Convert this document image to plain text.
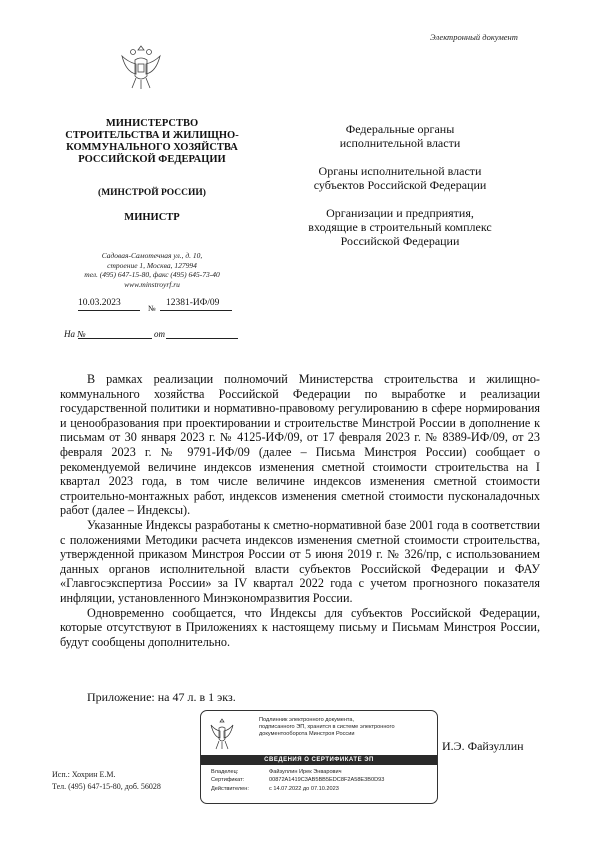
Электронный документ
МИНИСТЕРСТВО
СТРОИТЕЛЬСТВА И ЖИЛИЩНО-
КОММУНАЛЬНОГО ХОЗЯЙСТВА
РОССИЙСКОЙ ФЕДЕРАЦИИ
(МИНСТРОЙ РОССИИ)
МИНИСТР
Садовая-Самотечная ул., д. 10,
строение 1, Москва, 127994
тел. (495) 647-15-80, факс (495) 645-73-40
www.minstroyrf.ru
10.03.2023
№
12381-ИФ/09
На №	от
Федеральные органы
исполнительной власти
Органы исполнительной власти
субъектов Российской Федерации
Организации и предприятия,
входящие в строительный комплекс
Российской Федерации

В рамках реализации полномочий Министерства строительства и жилищно-коммунального хозяйства Российской Федерации по выработке и реализации государственной политики и нормативно-правовому регулированию в сфере нормирования и ценообразования при проектировании и строительстве Минстрой России в дополнение к письмам от 30 января 2023 г. № 4125-ИФ/09, от 17 февраля 2023 г. № 8389-ИФ/09, от 23 февраля 2023 г. № 9791-ИФ/09 (далее – Письма Минстроя России) сообщает о рекомендуемой величине индексов изменения сметной стоимости строительства на I квартал 2023 года, в том числе величине индексов изменения сметной стоимости строительно-монтажных работ, индексов изменения сметной стоимости пусконаладочных работ (далее – Индексы).

Указанные Индексы разработаны к сметно-нормативной базе 2001 года в соответствии с положениями Методики расчета индексов изменения сметной стоимости строительства, утвержденной приказом Минстроя России от 5 июня 2019 г. № 326/пр, с использованием данных органов исполнительной власти субъектов Российской Федерации и ФАУ «Главгосэкспертиза России» за IV квартал 2022 года с учетом прогнозного показателя инфляции, установленного Минэкономразвития России.

Одновременно сообщается, что Индексы для субъектов Российской Федерации, которые отсутствуют в Приложениях к настоящему письму и Письмам Минстроя России, будут сообщены дополнительно.

Приложение: на 47 л. в 1 экз.
Подлинник электронного документа,
подписанного ЭП, хранится в системе электронного
документооборота Минстроя России
СВЕДЕНИЯ О СЕРТИФИКАТЕ ЭП
Владелец:	Файзуллин Ирек Энварович
Сертификат:	00872A1419C3AB5BB5EDC8F2A58E3B0D93
Действителен:	с 14.07.2022 до 07.10.2023
И.Э. Файзуллин
Исп.: Хохрин Е.М.
Тел. (495) 647-15-80, доб. 56028
